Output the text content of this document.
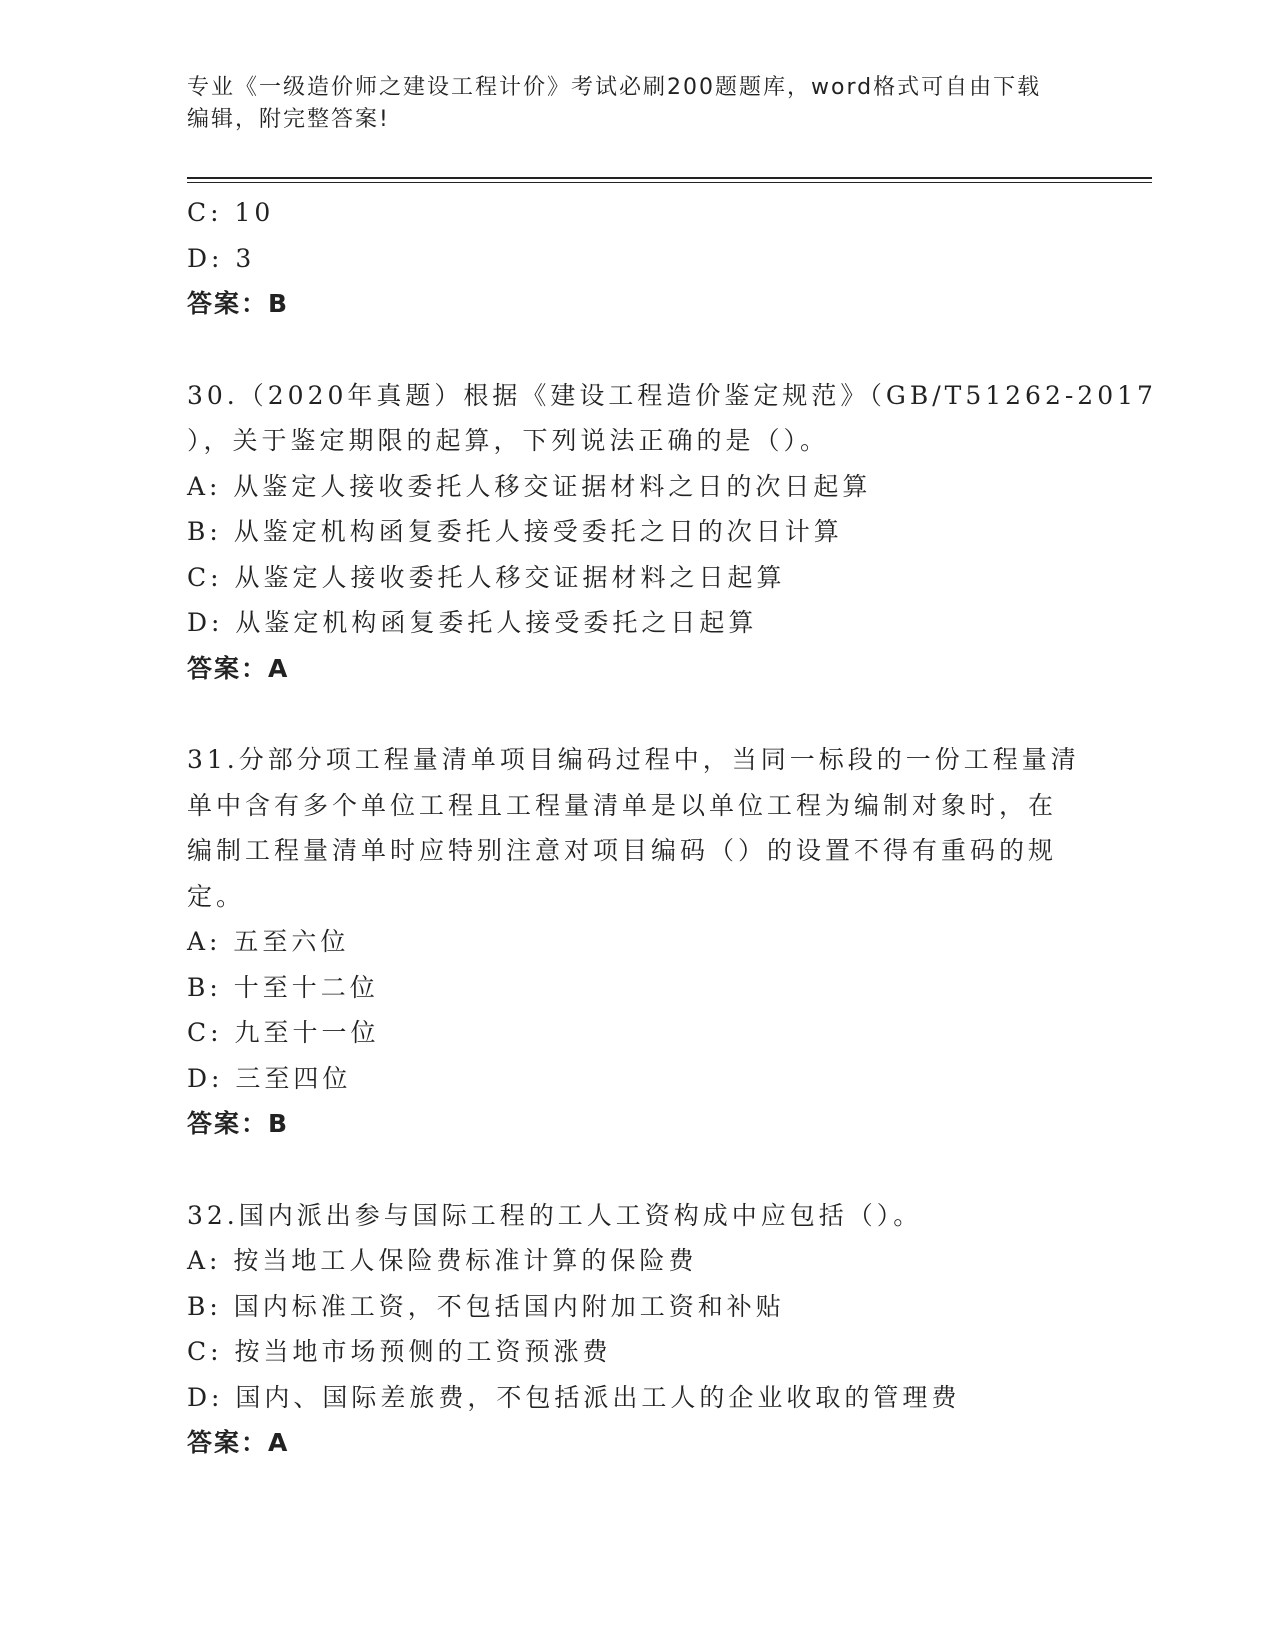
专业《一级造价师之建设工程计价》考试必刷200题题库，word格式可自由下载
编辑，附完整答案!
C: 10
D: 3
答案：B
30.（2020年真题）根据《建设工程造价鉴定规范》（GB/T51262-2017
），关于鉴定期限的起算，下列说法正确的是（）。
A: 从鉴定人接收委托人移交证据材料之日的次日起算
B: 从鉴定机构函复委托人接受委托之日的次日计算
C: 从鉴定人接收委托人移交证据材料之日起算
D: 从鉴定机构函复委托人接受委托之日起算
答案：A
31.分部分项工程量清单项目编码过程中，当同一标段的一份工程量清
单中含有多个单位工程且工程量清单是以单位工程为编制对象时，在
编制工程量清单时应特别注意对项目编码（）的设置不得有重码的规
定。
A: 五至六位
B: 十至十二位
C: 九至十一位
D: 三至四位
答案：B
32.国内派出参与国际工程的工人工资构成中应包括（）。
A: 按当地工人保险费标准计算的保险费
B: 国内标准工资，不包括国内附加工资和补贴
C: 按当地市场预侧的工资预涨费
D: 国内、国际差旅费，不包括派出工人的企业收取的管理费
答案：A
